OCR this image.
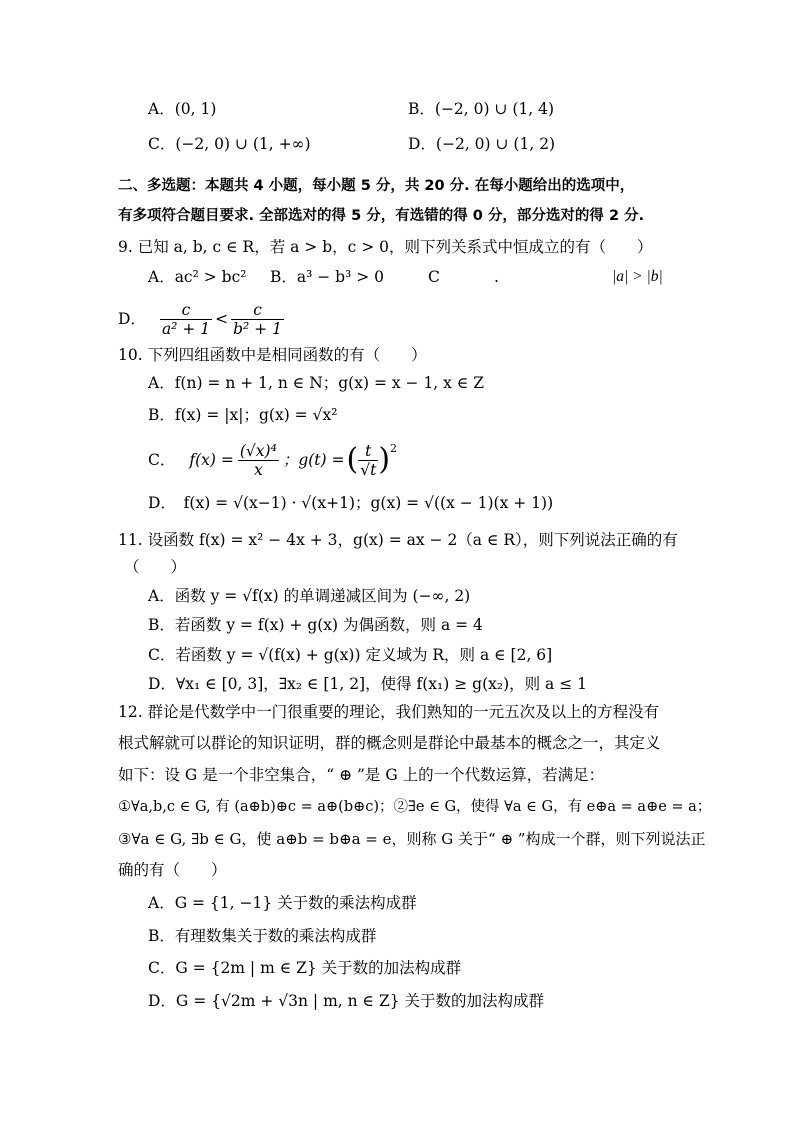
A．(0, 1)	B．(−2, 0) ∪ (1, 4)
C．(−2, 0) ∪ (1, +∞)	D．(−2, 0) ∪ (1, 2)
二、多选题：本题共 4 小题，每小题 5 分，共 20 分. 在每小题给出的选项中，
有多项符合题目要求. 全部选对的得 5 分，有选错的得 0 分，部分选对的得 2 分.
9. 已知 a, b, c ∈ R，若 a > b，c > 0，则下列关系式中恒成立的有（　　）
A．ac² > bc² B．a³ − b³ > 0	C	.	|a| > |b|
D． $\frac{c}{\text{a² + 1}} < \frac{c}{\text{b² + 1}}$
10. 下列四组函数中是相同函数的有（　　）
A．f(n) = n + 1, n ∈ N；g(x) = x − 1, x ∈ Z
B．f(x) = |x|；g(x) = √x²
C． $f(x) = \frac{\text{(√x)⁴}}{x}$ ；g(t) = ( $\frac{t}{√t} )^2$
D．　f(x) = √(x−1) · √(x+1)；g(x) = √((x − 1)(x + 1))
11. 设函数 f(x) = x² − 4x + 3，g(x) = ax − 2（a ∈ R），则下列说法正确的有
（　　）
A．函数 y = √f(x) 的单调递减区间为 (−∞, 2)
B．若函数 y = f(x) + g(x) 为偶函数，则 a = 4
C．若函数 y = √(f(x) + g(x)) 定义域为 R，则 a ∈ [2, 6]
D．∀x₁ ∈ [0, 3]，∃x₂ ∈ [1, 2]，使得 f(x₁) ≥ g(x₂)，则 a ≤ 1
12. 群论是代数学中一门很重要的理论，我们熟知的一元五次及以上的方程没有
根式解就可以群论的知识证明，群的概念则是群论中最基本的概念之一，其定义
如下：设 G 是一个非空集合，“ ⊕ ”是 G 上的一个代数运算，若满足：
①∀a,b,c ∈ G, 有 (a⊕b)⊕c = a⊕(b⊕c)；②∃e ∈ G，使得 ∀a ∈ G，有 e⊕a = a⊕e = a；
③∀a ∈ G, ∃b ∈ G，使 a⊕b = b⊕a = e，则称 G 关于“ ⊕ ”构成一个群，则下列说法正
确的有（　　）
A．G = {1, −1} 关于数的乘法构成群
B．有理数集关于数的乘法构成群
C．G = {2m | m ∈ Z} 关于数的加法构成群
D．G = {√2m + √3n | m, n ∈ Z} 关于数的加法构成群
